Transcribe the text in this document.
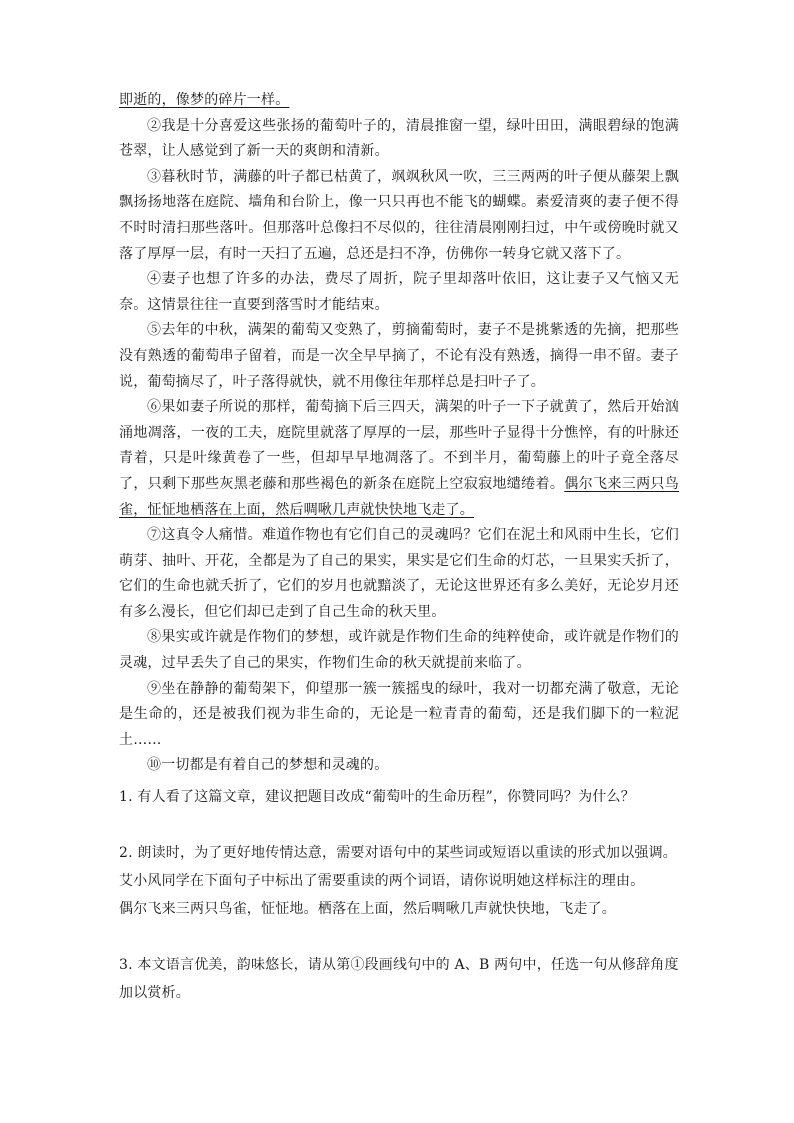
即逝的，像梦的碎片一样。

②我是十分喜爱这些张扬的葡萄叶子的，清晨推窗一望，绿叶田田，满眼碧绿的饱满苍翠，让人感觉到了新一天的爽朗和清新。

③暮秋时节，满藤的叶子都已枯黄了，飒飒秋风一吹，三三两两的叶子便从藤架上飘飘扬扬地落在庭院、墙角和台阶上，像一只只再也不能飞的蝴蝶。素爱清爽的妻子便不得不时时清扫那些落叶。但那落叶总像扫不尽似的，往往清晨刚刚扫过，中午或傍晚时就又落了厚厚一层，有时一天扫了五遍，总还是扫不净，仿佛你一转身它就又落下了。

④妻子也想了许多的办法，费尽了周折，院子里却落叶依旧，这让妻子又气恼又无奈。这情景往往一直要到落雪时才能结束。

⑤去年的中秋，满架的葡萄又变熟了，剪摘葡萄时，妻子不是挑紫透的先摘，把那些没有熟透的葡萄串子留着，而是一次全早早摘了，不论有没有熟透，摘得一串不留。妻子说，葡萄摘尽了，叶子落得就快，就不用像往年那样总是扫叶子了。

⑥果如妻子所说的那样，葡萄摘下后三四天，满架的叶子一下子就黄了，然后开始汹涌地凋落，一夜的工夫，庭院里就落了厚厚的一层，那些叶子显得十分憔悴，有的叶脉还青着，只是叶缘黄卷了一些，但却早早地凋落了。不到半月，葡萄藤上的叶子竟全落尽了，只剩下那些灰黑老藤和那些褐色的新条在庭院上空寂寂地缱绻着。偶尔飞来三两只鸟雀，怔怔地栖落在上面，然后啁啾几声就快快地飞走了。

⑦这真令人痛惜。难道作物也有它们自己的灵魂吗？它们在泥土和风雨中生长，它们萌芽、抽叶、开花，全都是为了自己的果实，果实是它们生命的灯芯，一旦果实夭折了，它们的生命也就夭折了，它们的岁月也就黯淡了，无论这世界还有多么美好，无论岁月还有多么漫长，但它们却已走到了自己生命的秋天里。

⑧果实或许就是作物们的梦想，或许就是作物们生命的纯粹使命，或许就是作物们的灵魂，过早丢失了自己的果实，作物们生命的秋天就提前来临了。

⑨坐在静静的葡萄架下，仰望那一簇一簇摇曳的绿叶，我对一切都充满了敬意，无论是生命的，还是被我们视为非生命的，无论是一粒青青的葡萄，还是我们脚下的一粒泥土……

⑩一切都是有着自己的梦想和灵魂的。

1. 有人看了这篇文章，建议把题目改成“葡萄叶的生命历程”，你赞同吗？为什么？

2. 朗读时，为了更好地传情达意，需要对语句中的某些词或短语以重读的形式加以强调。

艾小风同学在下面句子中标出了需要重读的两个词语，请你说明她这样标注的理由。

偶尔飞来三两只鸟雀，怔怔地。栖落在上面，然后啁啾几声就快快地，飞走了。

3. 本文语言优美，韵味悠长，请从第①段画线句中的 A、B 两句中，任选一句从修辞角度加以赏析。
